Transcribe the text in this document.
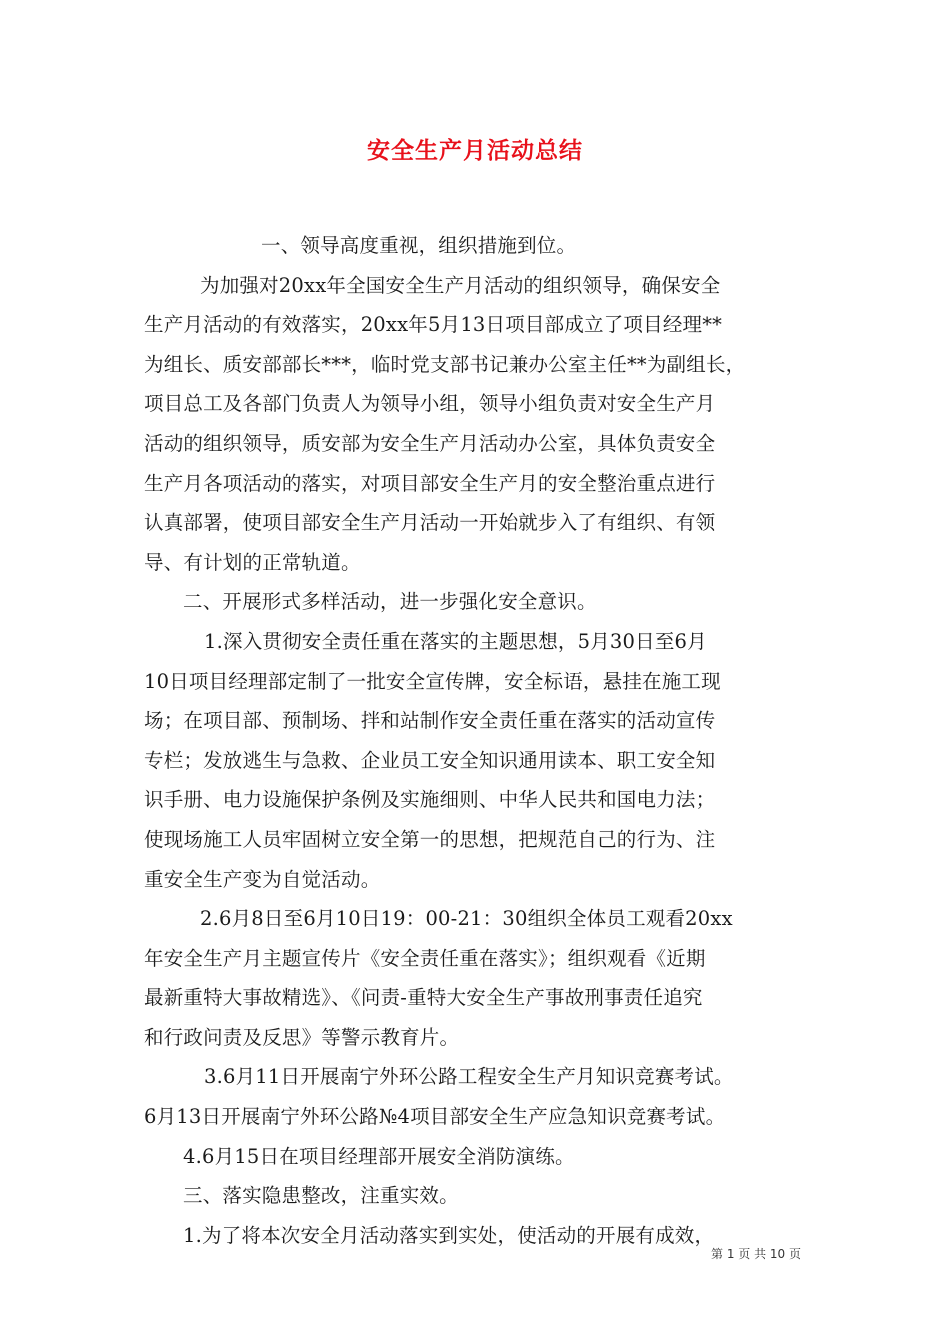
安全生产月活动总结
一、领导高度重视，组织措施到位。
为加强对20xx年全国安全生产月活动的组织领导，确保安全
生产月活动的有效落实，20xx年5月13日项目部成立了项目经理**
为组长、质安部部长***，临时党支部书记兼办公室主任**为副组长，
项目总工及各部门负责人为领导小组，领导小组负责对安全生产月
活动的组织领导，质安部为安全生产月活动办公室，具体负责安全
生产月各项活动的落实，对项目部安全生产月的安全整治重点进行
认真部署，使项目部安全生产月活动一开始就步入了有组织、有领
导、有计划的正常轨道。
二、开展形式多样活动，进一步强化安全意识。
1.深入贯彻安全责任重在落实的主题思想，5月30日至6月
10日项目经理部定制了一批安全宣传牌，安全标语，悬挂在施工现
场；在项目部、预制场、拌和站制作安全责任重在落实的活动宣传
专栏；发放逃生与急救、企业员工安全知识通用读本、职工安全知
识手册、电力设施保护条例及实施细则、中华人民共和国电力法；
使现场施工人员牢固树立安全第一的思想，把规范自己的行为、注
重安全生产变为自觉活动。
2.6月8日至6月10日19：00-21：30组织全体员工观看20xx
年安全生产月主题宣传片《安全责任重在落实》；组织观看《近期
最新重特大事故精选》、《问责-重特大安全生产事故刑事责任追究
和行政问责及反思》等警示教育片。
3.6月11日开展南宁外环公路工程安全生产月知识竞赛考试。
6月13日开展南宁外环公路№4项目部安全生产应急知识竞赛考试。
4.6月15日在项目经理部开展安全消防演练。
三、落实隐患整改，注重实效。
1.为了将本次安全月活动落实到实处，使活动的开展有成效，
第 1 页 共 10 页
